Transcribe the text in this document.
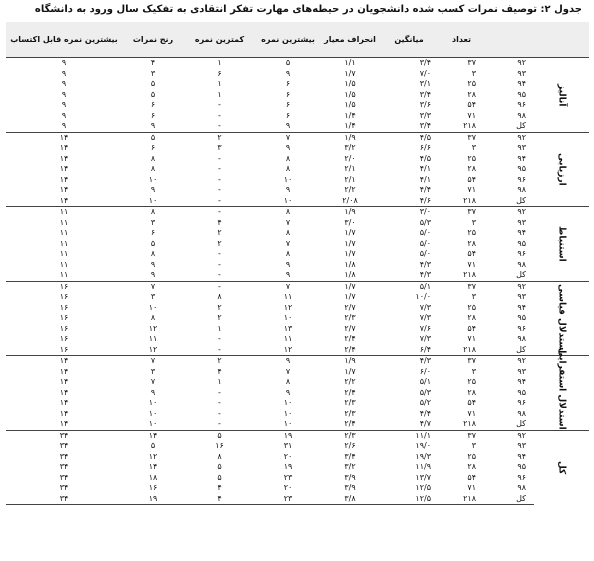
جدول ۲: توصیف نمرات کسب شده دانشجویان در حیطه‌های مهارت تفکر انتقادی به تفکیک سال ورود به دانشگاه
		تعداد	میانگین	انحراف معیار	بیشترین نمره	کمترین نمره	رنج نمرات	بیشترین نمره قابل اکتساب
آنالیز	۹۲	۳۷	۳/۴	۱/۱	۵	۱	۴	۹
	۹۳	۳	۷/۰	۱/۷	۹	۶	۳	۹
	۹۴	۲۵	۳/۱	۱/۵	۶	۱	۵	۹
	۹۵	۲۸	۳/۴	۱/۵	۶	۱	۵	۹
	۹۶	۵۴	۳/۶	۱/۵	۶	-	۶	۹
	۹۸	۷۱	۳/۳	۱/۴	۶	-	۶	۹
	کل	۲۱۸	۳/۴	۱/۴	۹	-	۹	۹
ارزیابی	۹۲	۳۷	۴/۵	۱/۹	۷	۲	۵	۱۴
	۹۳	۳	۶/۶	۳/۲	۹	۳	۶	۱۴
	۹۴	۲۵	۴/۵	۲/۰	۸	-	۸	۱۴
	۹۵	۲۸	۴/۱	۲/۱	۸	-	۸	۱۴
	۹۶	۵۴	۴/۱	۲/۱	۱۰	-	۱۰	۱۴
	۹۸	۷۱	۴/۴	۲/۲	۹	-	۹	۱۴
	کل	۲۱۸	۴/۶	۲/۰۸	۱۰	-	۱۰	۱۴
استنباط	۹۲	۳۷	۳/۰	۱/۹	۸	-	۸	۱۱
	۹۳	۳	۵/۳	۳/۰	۷	۴	۳	۱۱
	۹۴	۲۵	۵/۰	۱/۷	۸	۲	۶	۱۱
	۹۵	۲۸	۵/۰	۱/۷	۷	۲	۵	۱۱
	۹۶	۵۴	۵/۰	۱/۷	۸	-	۸	۱۱
	۹۸	۷۱	۴/۳	۱/۸	۹	-	۹	۱۱
	کل	۲۱۸	۴/۳	۱/۸	۹	-	۹	۱۱
استدلال قیاسی	۹۲	۳۷	۵/۱	۱/۷	۷	-	۷	۱۶
	۹۳	۳	۱۰/۰	۱/۷	۱۱	۸	۳	۱۶
	۹۴	۲۵	۷/۳	۲/۷	۱۲	۲	۱۰	۱۶
	۹۵	۲۸	۷/۳	۲/۳	۱۰	۲	۸	۱۶
	۹۶	۵۴	۷/۶	۲/۷	۱۳	۱	۱۲	۱۶
	۹۸	۷۱	۷/۳	۲/۴	۱۱	-	۱۱	۱۶
	کل	۲۱۸	۶/۴	۲/۴	۱۲	-	۱۲	۱۶
استدلال استقرایی	۹۲	۳۷	۴/۳	۱/۹	۹	۲	۷	۱۴
	۹۳	۳	۶/۰	۱/۷	۷	۴	۳	۱۴
	۹۴	۲۵	۵/۱	۲/۲	۸	۱	۷	۱۴
	۹۵	۲۸	۵/۳	۲/۴	۹	-	۹	۱۴
	۹۶	۵۴	۵/۲	۲/۳	۱۰	-	۱۰	۱۴
	۹۸	۷۱	۴/۴	۲/۳	۱۰	-	۱۰	۱۴
	کل	۲۱۸	۴/۷	۲/۴	۱۰	-	۱۰	۱۴
کل	۹۲	۳۷	۱۱/۱	۲/۳	۱۹	۵	۱۴	۳۴
	۹۳	۳	۱۹/۰	۲/۶	۳۱	۱۶	۵	۳۴
	۹۴	۲۵	۱۹/۳	۳/۴	۲۰	۸	۱۲	۳۴
	۹۵	۲۸	۱۱/۹	۳/۲	۱۹	۵	۱۴	۳۴
	۹۶	۵۴	۱۳/۷	۳/۹	۲۳	۵	۱۸	۳۴
	۹۸	۷۱	۱۲/۵	۳/۹	۲۰	۴	۱۶	۳۴
	کل	۲۱۸	۱۲/۵	۳/۸	۲۳	۴	۱۹	۳۴
